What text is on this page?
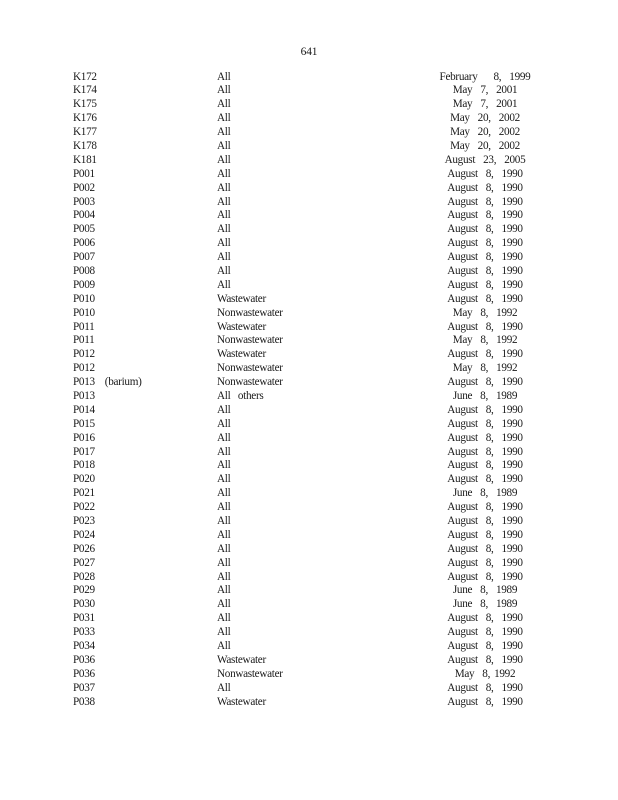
641
K172	All	February    8,  1999
K174	All	May  7,  2001
K175	All	May  7,  2001
K176	All	May  20,  2002
K177	All	May  20,  2002
K178	All	May  20,  2002
K181	All	August  23,  2005
P001	All	August  8,  1990
P002	All	August  8,  1990
P003	All	August  8,  1990
P004	All	August  8,  1990
P005	All	August  8,  1990
P006	All	August  8,  1990
P007	All	August  8,  1990
P008	All	August  8,  1990
P009	All	August  8,  1990
P010	Wastewater	August  8,  1990
P010	Nonwastewater	May  8,  1992
P011	Wastewater	August  8,  1990
P011	Nonwastewater	May  8,  1992
P012	Wastewater	August  8,  1990
P012	Nonwastewater	May  8,  1992
P013    (barium)	Nonwastewater	August  8,  1990
P013	All   others	June  8,  1989
P014	All	August  8,  1990
P015	All	August  8,  1990
P016	All	August  8,  1990
P017	All	August  8,  1990
P018	All	August  8,  1990
P020	All	August  8,  1990
P021	All	June  8,  1989
P022	All	August  8,  1990
P023	All	August  8,  1990
P024	All	August  8,  1990
P026	All	August  8,  1990
P027	All	August  8,  1990
P028	All	August  8,  1990
P029	All	June  8,  1989
P030	All	June  8,  1989
P031	All	August  8,  1990
P033	All	August  8,  1990
P034	All	August  8,  1990
P036	Wastewater	August  8,  1990
P036	Nonwastewater	May  8, 1992
P037	All	August  8,  1990
P038	Wastewater	August  8,  1990
